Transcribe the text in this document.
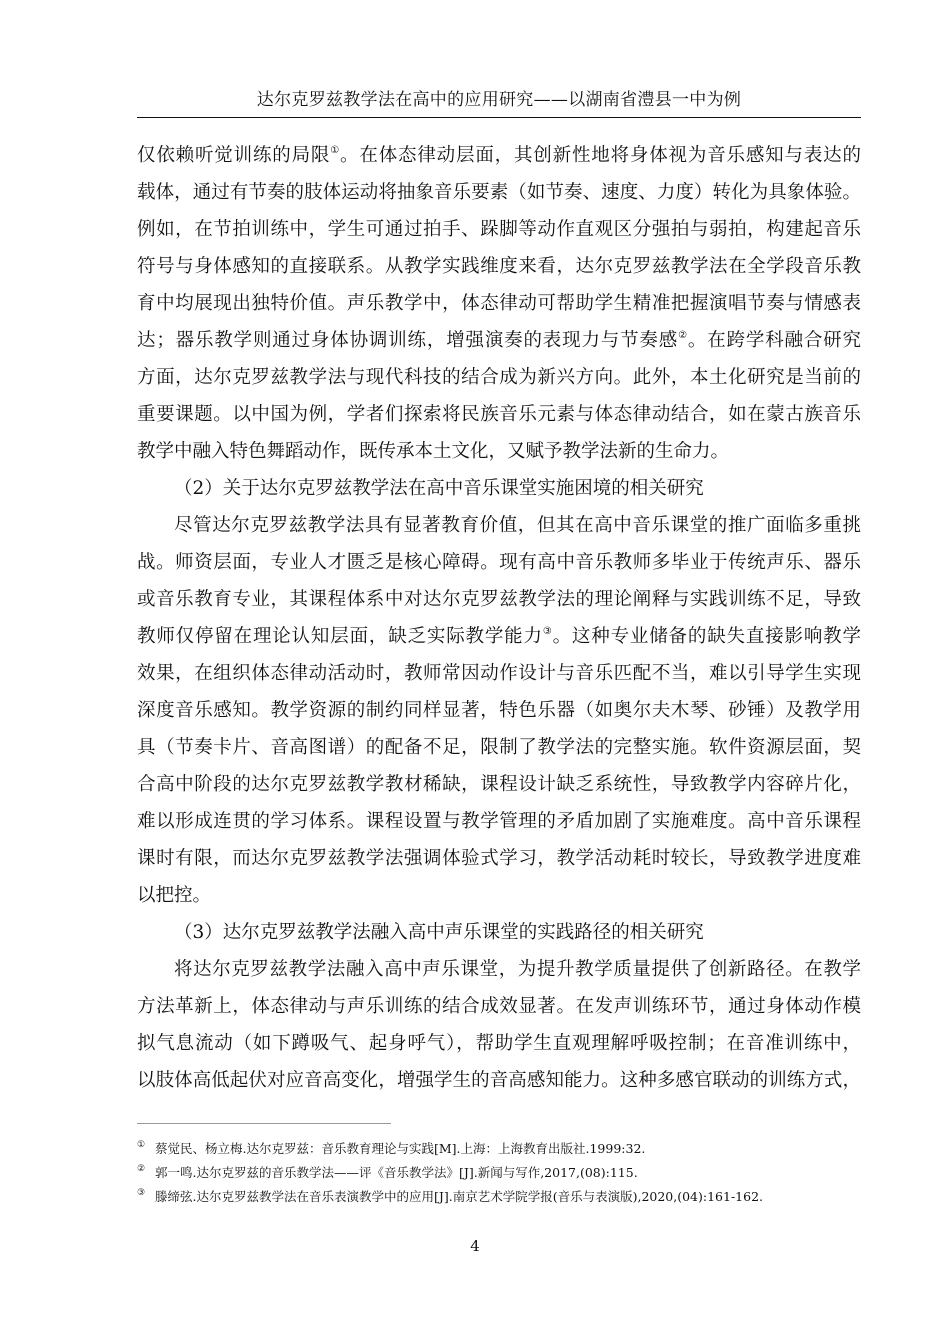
达尔克罗兹教学法在高中的应用研究——以湖南省澧县一中为例
仅依赖听觉训练的局限①。在体态律动层面，其创新性地将身体视为音乐感知与表达的
载体，通过有节奏的肢体运动将抽象音乐要素（如节奏、速度、力度）转化为具象体验。
例如，在节拍训练中，学生可通过拍手、跺脚等动作直观区分强拍与弱拍，构建起音乐
符号与身体感知的直接联系。从教学实践维度来看，达尔克罗兹教学法在全学段音乐教
育中均展现出独特价值。声乐教学中，体态律动可帮助学生精准把握演唱节奏与情感表
达；器乐教学则通过身体协调训练，增强演奏的表现力与节奏感②。在跨学科融合研究
方面，达尔克罗兹教学法与现代科技的结合成为新兴方向。此外，本土化研究是当前的
重要课题。以中国为例，学者们探索将民族音乐元素与体态律动结合，如在蒙古族音乐
教学中融入特色舞蹈动作，既传承本土文化，又赋予教学法新的生命力。
（2）关于达尔克罗兹教学法在高中音乐课堂实施困境的相关研究
尽管达尔克罗兹教学法具有显著教育价值，但其在高中音乐课堂的推广面临多重挑
战。师资层面，专业人才匮乏是核心障碍。现有高中音乐教师多毕业于传统声乐、器乐
或音乐教育专业，其课程体系中对达尔克罗兹教学法的理论阐释与实践训练不足，导致
教师仅停留在理论认知层面，缺乏实际教学能力③。这种专业储备的缺失直接影响教学
效果，在组织体态律动活动时，教师常因动作设计与音乐匹配不当，难以引导学生实现
深度音乐感知。教学资源的制约同样显著，特色乐器（如奥尔夫木琴、砂锤）及教学用
具（节奏卡片、音高图谱）的配备不足，限制了教学法的完整实施。软件资源层面，契
合高中阶段的达尔克罗兹教学教材稀缺，课程设计缺乏系统性，导致教学内容碎片化，
难以形成连贯的学习体系。课程设置与教学管理的矛盾加剧了实施难度。高中音乐课程
课时有限，而达尔克罗兹教学法强调体验式学习，教学活动耗时较长，导致教学进度难
以把控。
（3）达尔克罗兹教学法融入高中声乐课堂的实践路径的相关研究
将达尔克罗兹教学法融入高中声乐课堂，为提升教学质量提供了创新路径。在教学
方法革新上，体态律动与声乐训练的结合成效显著。在发声训练环节，通过身体动作模
拟气息流动（如下蹲吸气、起身呼气），帮助学生直观理解呼吸控制；在音准训练中，
以肢体高低起伏对应音高变化，增强学生的音高感知能力。这种多感官联动的训练方式，
① 蔡觉民、杨立梅.达尔克罗兹：音乐教育理论与实践[M].上海：上海教育出版社.1999:32.
② 郭一鸣.达尔克罗兹的音乐教学法——评《音乐教学法》[J].新闻与写作,2017,(08):115.
③ 滕缔弦.达尔克罗兹教学法在音乐表演教学中的应用[J].南京艺术学院学报(音乐与表演版),2020,(04):161-162.
4
